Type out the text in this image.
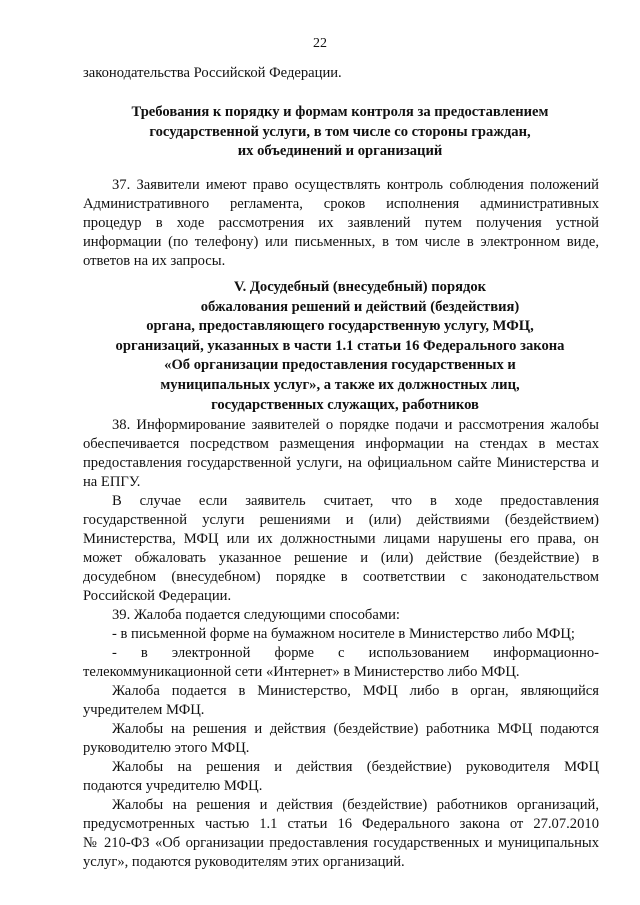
22
законодательства Российской Федерации.
Требования к порядку и формам контроля за предоставлением
государственной услуги, в том числе со стороны граждан,
их объединений и организаций
37. Заявители имеют право осуществлять контроль соблюдения положений
Административного регламента, сроков исполнения административных
процедур в ходе рассмотрения их заявлений путем получения устной
информации (по телефону) или письменных, в том числе в электронном виде,
ответов на их запросы.
V. Досудебный (внесудебный) порядок
обжалования решений и действий (бездействия)
органа, предоставляющего государственную услугу, МФЦ,
организаций, указанных в части 1.1 статьи 16 Федерального закона
«Об организации предоставления государственных и
муниципальных услуг», а также их должностных лиц,
государственных служащих, работников
38. Информирование заявителей о порядке подачи и рассмотрения жалобы
обеспечивается посредством размещения информации на стендах в местах
предоставления государственной услуги, на официальном сайте Министерства и
на ЕПГУ.
В случае если заявитель считает, что в ходе предоставления
государственной услуги решениями и (или) действиями (бездействием)
Министерства, МФЦ или их должностными лицами нарушены его права, он
может обжаловать указанное решение и (или) действие (бездействие) в
досудебном (внесудебном) порядке в соответствии с законодательством
Российской Федерации.
39. Жалоба подается следующими способами:
- в письменной форме на бумажном носителе в Министерство либо МФЦ;
- в электронной форме с использованием информационно-
телекоммуникационной сети «Интернет» в Министерство либо МФЦ.
Жалоба подается в Министерство, МФЦ либо в орган, являющийся
учредителем МФЦ.
Жалобы на решения и действия (бездействие) работника МФЦ подаются
руководителю этого МФЦ.
Жалобы на решения и действия (бездействие) руководителя МФЦ
подаются учредителю МФЦ.
Жалобы на решения и действия (бездействие) работников организаций,
предусмотренных частью 1.1 статьи 16 Федерального закона от 27.07.2010
№ 210-ФЗ «Об организации предоставления государственных и муниципальных
услуг», подаются руководителям этих организаций.
